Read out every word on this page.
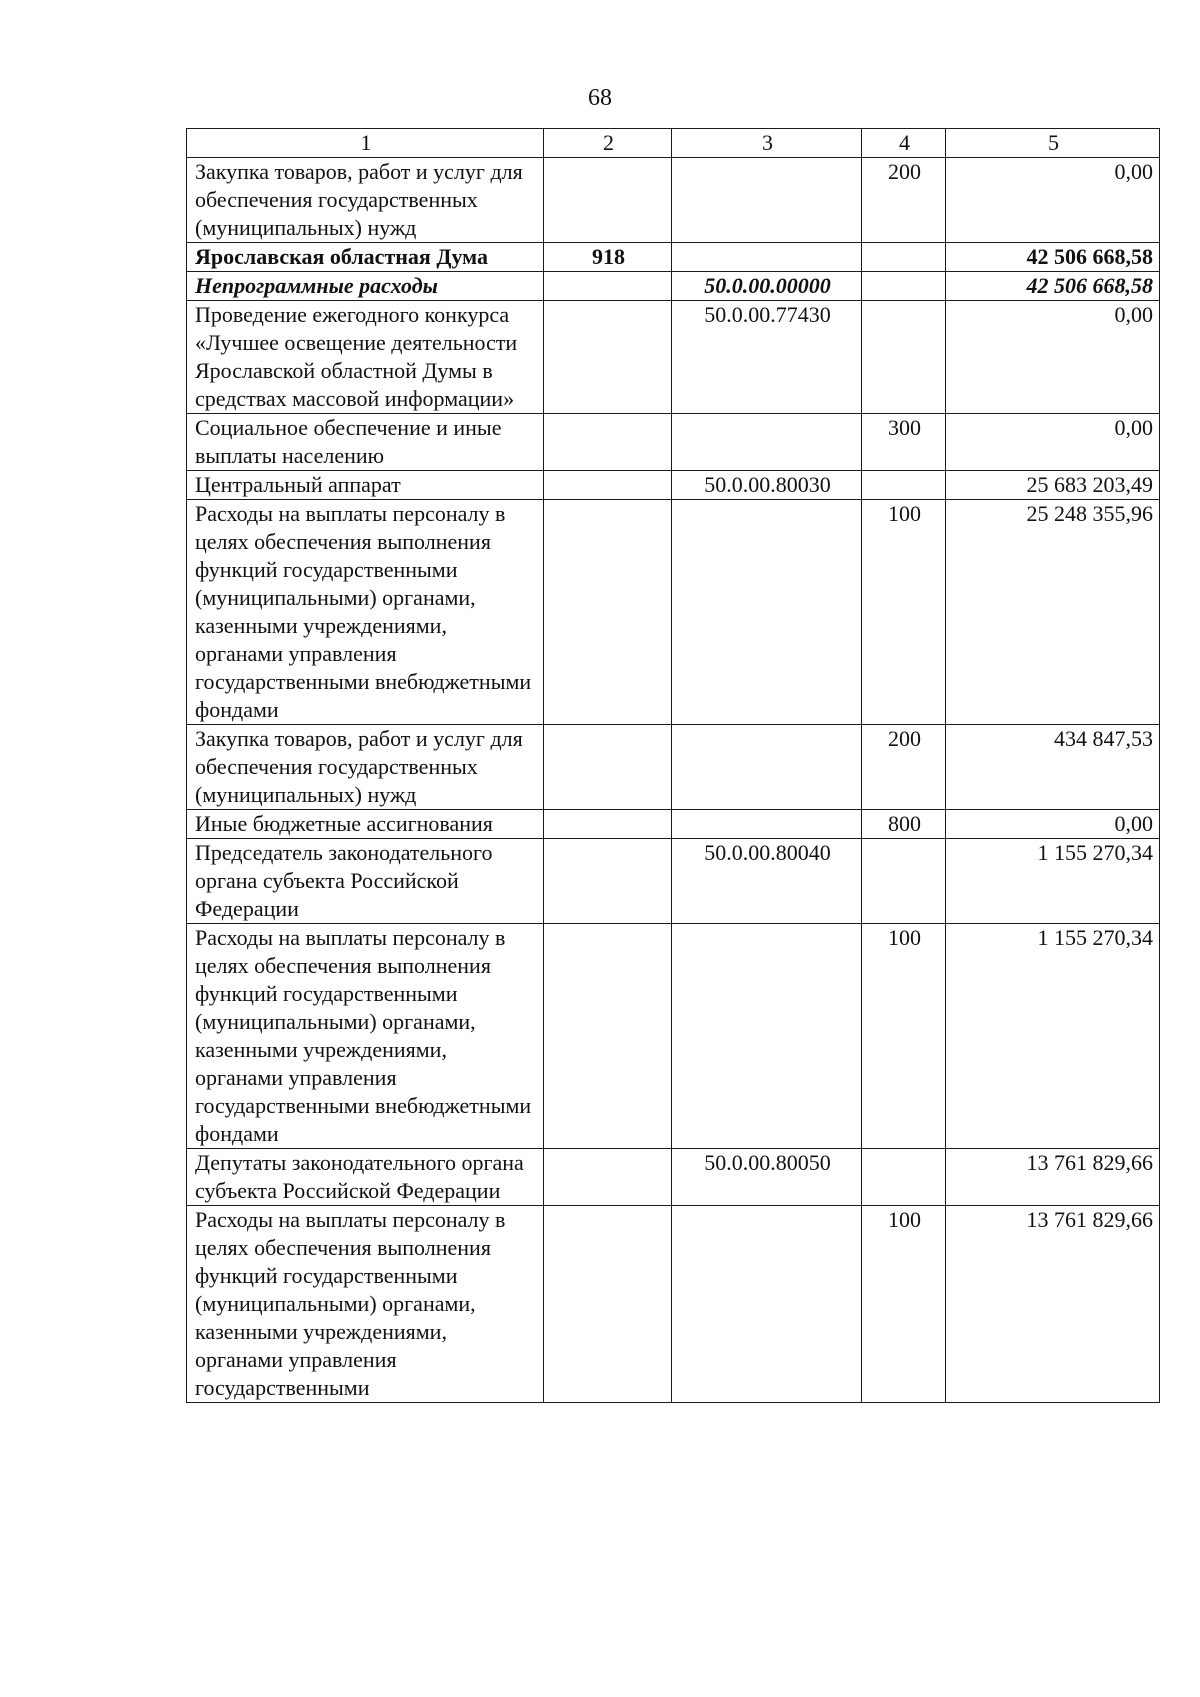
68
1	2	3	4	5
Закупка товаров, работ и услуг для обеспечения государственных (муниципальных) нужд			200	0,00
Ярославская областная Дума	918			42 506 668,58
Непрограммные расходы		50.0.00.00000		42 506 668,58
Проведение ежегодного конкурса «Лучшее освещение деятельности Ярославской областной Думы в средствах массовой информации»		50.0.00.77430		0,00
Социальное обеспечение и иные выплаты населению			300	0,00
Центральный аппарат		50.0.00.80030		25 683 203,49
Расходы на выплаты персоналу в целях обеспечения выполнения функций государственными (муниципальными) органами, казенными учреждениями, органами управления государственными внебюджетными фондами			100	25 248 355,96
Закупка товаров, работ и услуг для обеспечения государственных (муниципальных) нужд			200	434 847,53
Иные бюджетные ассигнования			800	0,00
Председатель законодательного органа субъекта Российской Федерации		50.0.00.80040		1 155 270,34
Расходы на выплаты персоналу в целях обеспечения выполнения функций государственными (муниципальными) органами, казенными учреждениями, органами управления государственными внебюджетными фондами			100	1 155 270,34
Депутаты законодательного органа субъекта Российской Федерации		50.0.00.80050		13 761 829,66
Расходы на выплаты персоналу в целях обеспечения выполнения функций государственными (муниципальными) органами, казенными учреждениями, органами управления государственными			100	13 761 829,66
